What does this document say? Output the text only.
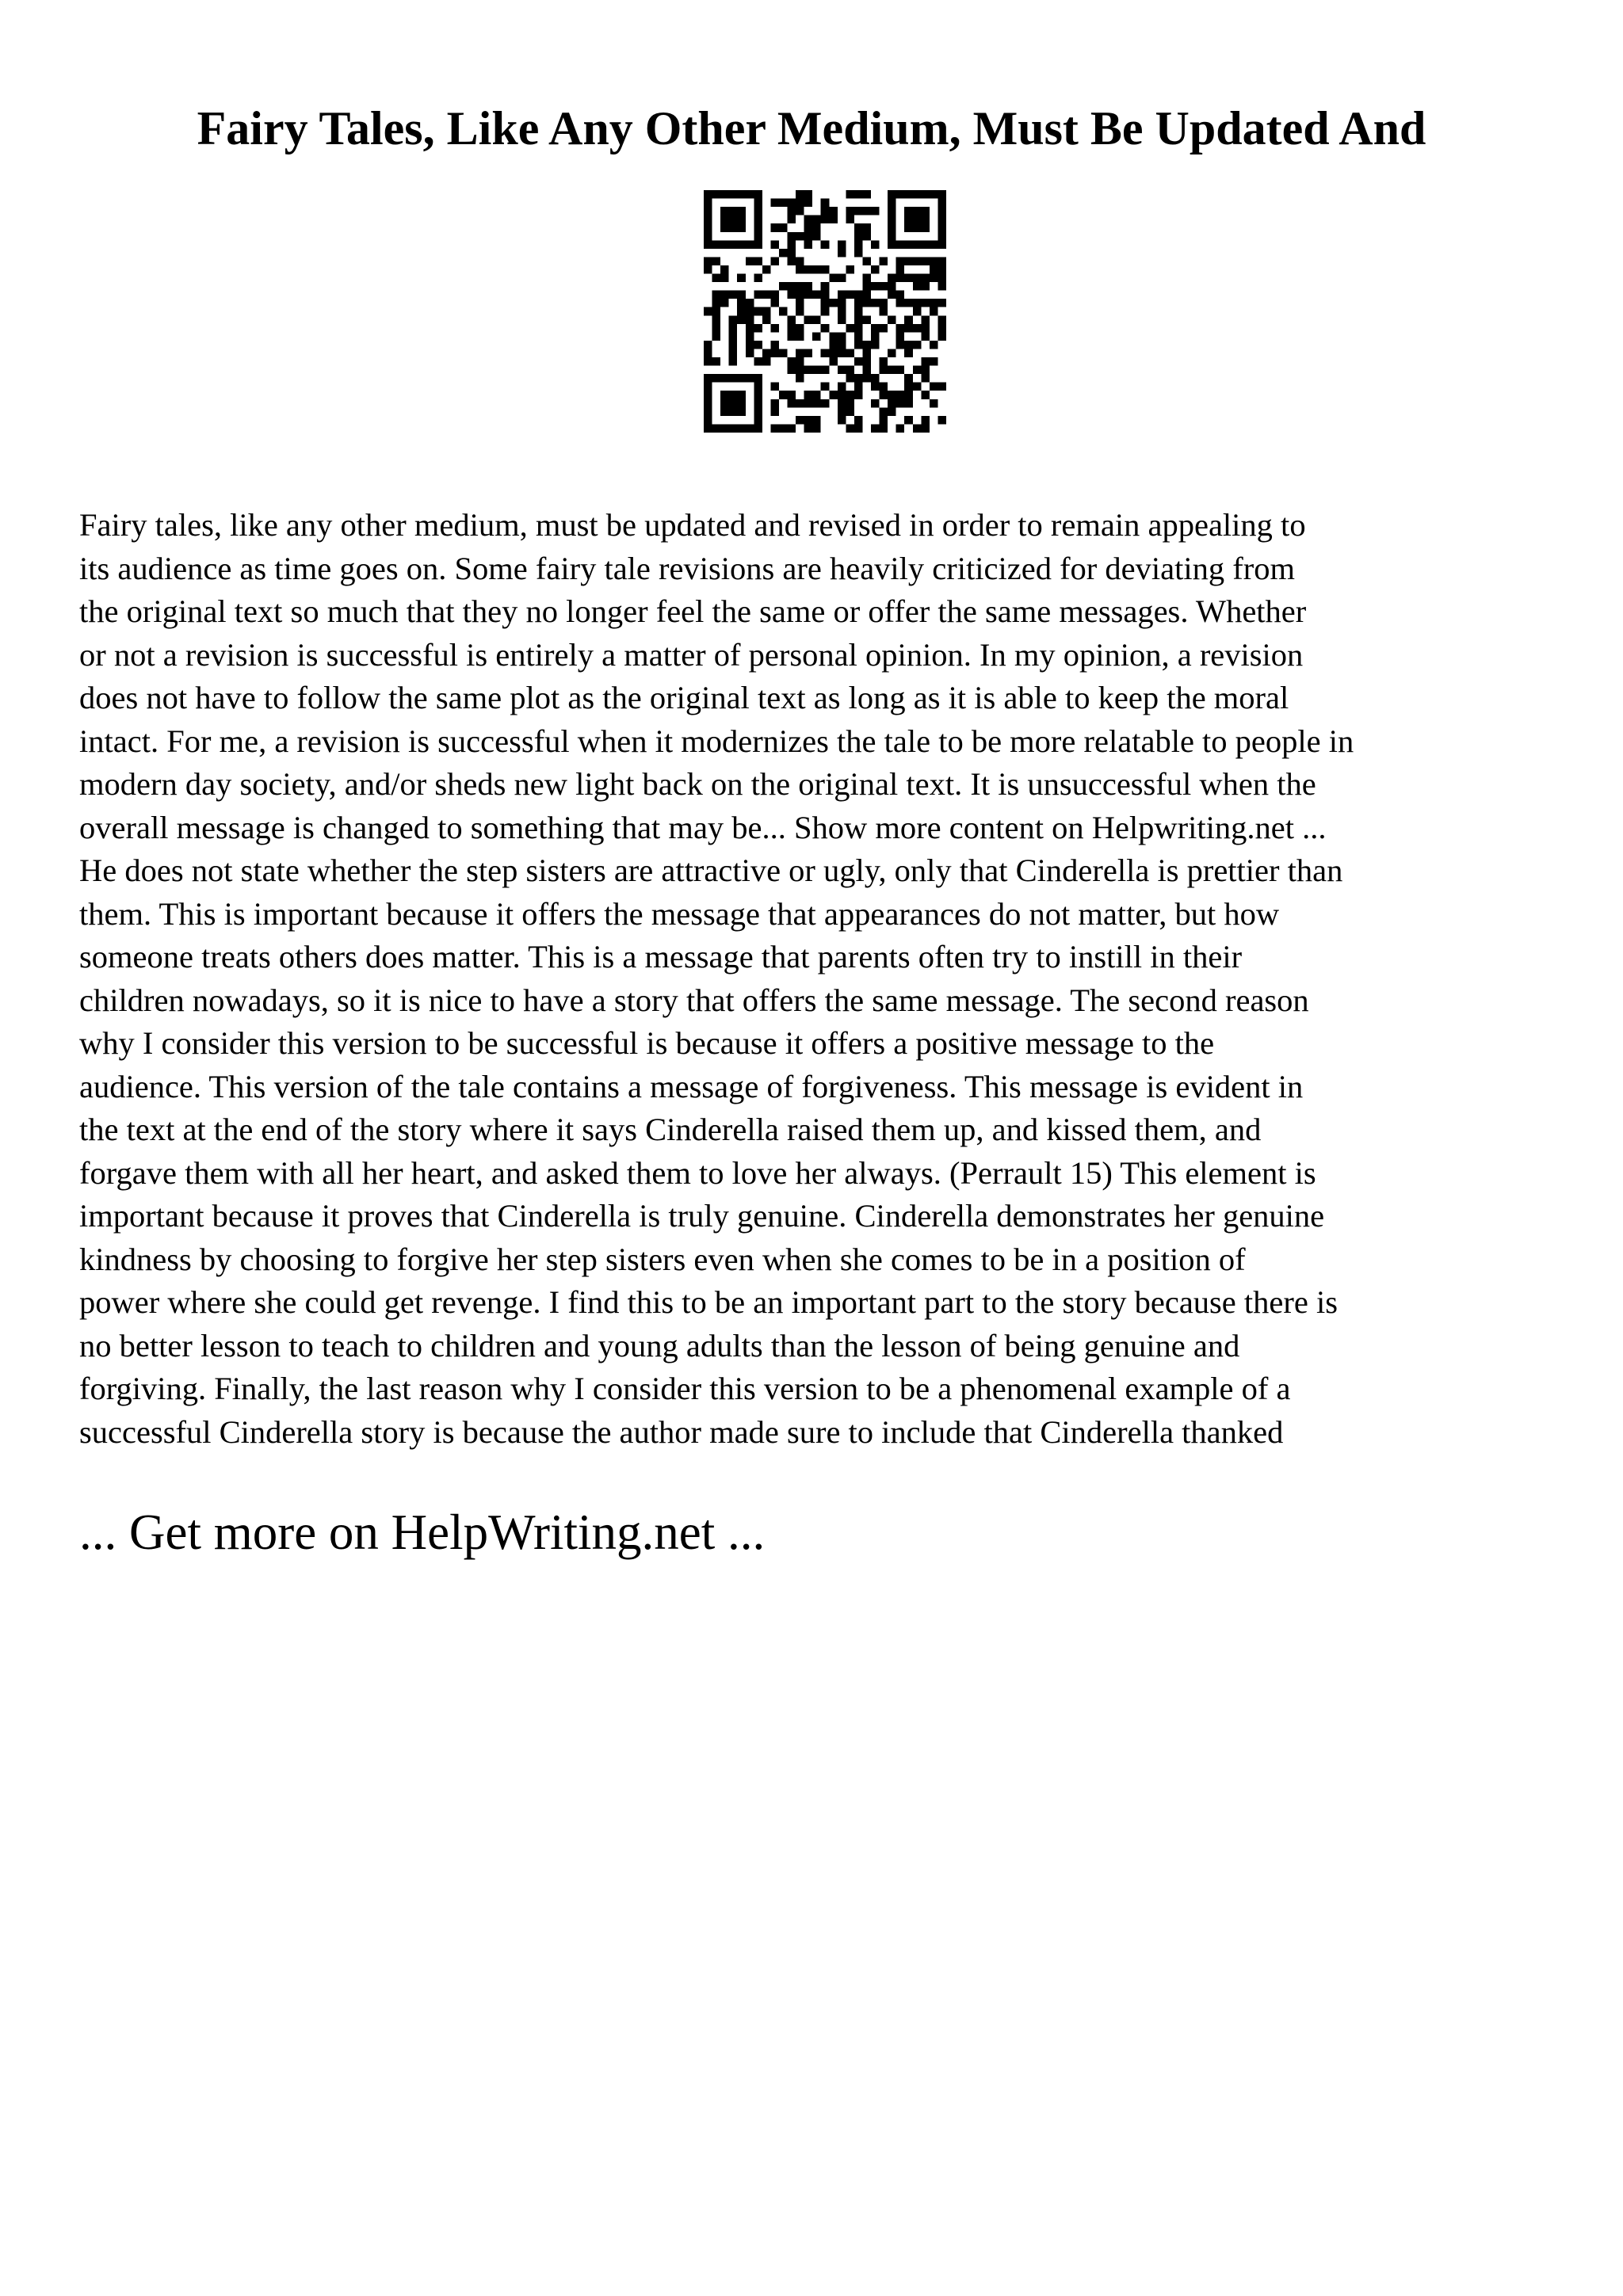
Fairy Tales, Like Any Other Medium, Must Be Updated And
Fairy tales, like any other medium, must be updated and revised in order to remain appealing to
its audience as time goes on. Some fairy tale revisions are heavily criticized for deviating from
the original text so much that they no longer feel the same or offer the same messages. Whether
or not a revision is successful is entirely a matter of personal opinion. In my opinion, a revision
does not have to follow the same plot as the original text as long as it is able to keep the moral
intact. For me, a revision is successful when it modernizes the tale to be more relatable to people in
modern day society, and/or sheds new light back on the original text. It is unsuccessful when the
overall message is changed to something that may be... Show more content on Helpwriting.net ...
He does not state whether the step sisters are attractive or ugly, only that Cinderella is prettier than
them. This is important because it offers the message that appearances do not matter, but how
someone treats others does matter. This is a message that parents often try to instill in their
children nowadays, so it is nice to have a story that offers the same message. The second reason
why I consider this version to be successful is because it offers a positive message to the
audience. This version of the tale contains a message of forgiveness. This message is evident in
the text at the end of the story where it says Cinderella raised them up, and kissed them, and
forgave them with all her heart, and asked them to love her always. (Perrault 15) This element is
important because it proves that Cinderella is truly genuine. Cinderella demonstrates her genuine
kindness by choosing to forgive her step sisters even when she comes to be in a position of
power where she could get revenge. I find this to be an important part to the story because there is
no better lesson to teach to children and young adults than the lesson of being genuine and
forgiving. Finally, the last reason why I consider this version to be a phenomenal example of a
successful Cinderella story is because the author made sure to include that Cinderella thanked

... Get more on HelpWriting.net ...
